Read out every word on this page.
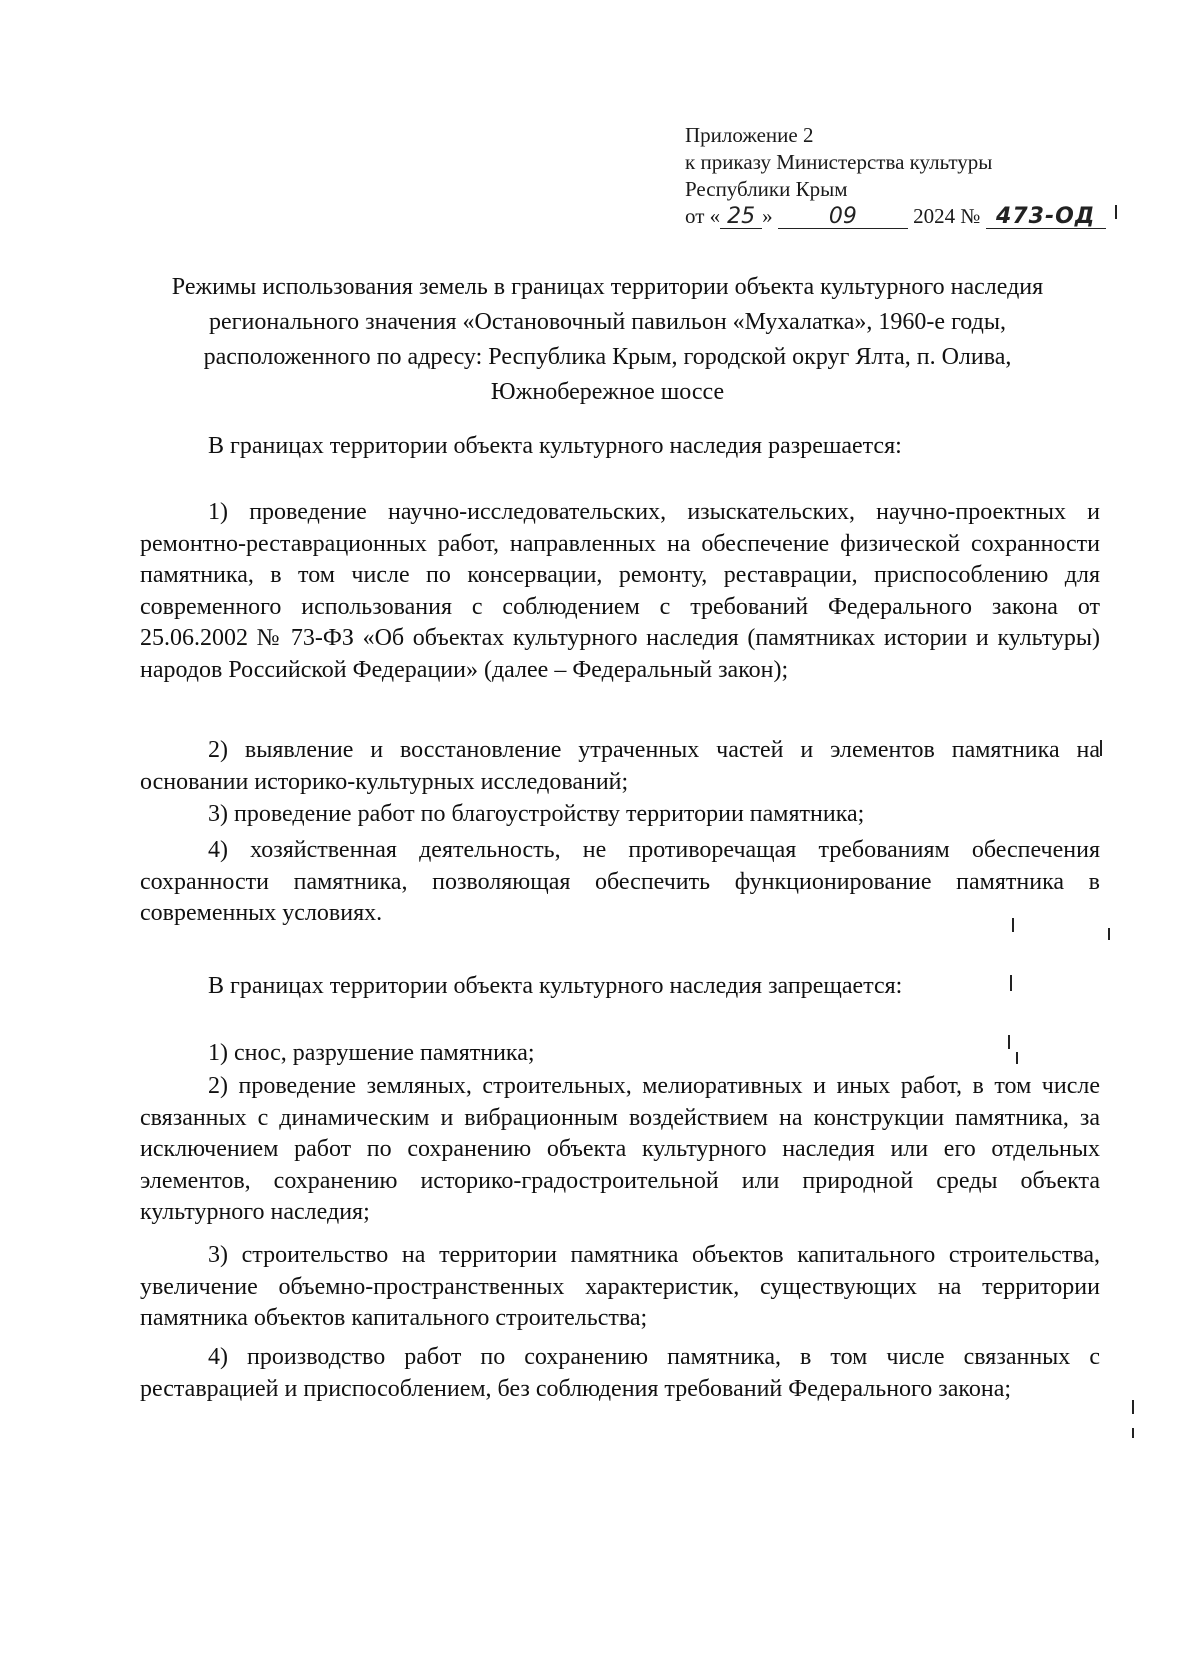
Приложение 2
к приказу Министерства культуры
Республики Крым
от « 25 »	09	2024 № 473-ОД

Режимы использования земель в границах территории объекта культурного наследия регионального значения «Остановочный павильон «Мухалатка», 1960-е годы, расположенного по адресу: Республика Крым, городской округ Ялта, п. Олива, Южнобережное шоссе

В границах территории объекта культурного наследия разрешается:

1) проведение научно-исследовательских, изыскательских, научно-проектных и ремонтно-реставрационных работ, направленных на обеспечение физической сохранности памятника, в том числе по консервации, ремонту, реставрации, приспособлению для современного использования с соблюдением с требований Федерального закона от 25.06.2002 № 73-ФЗ «Об объектах культурного наследия (памятниках истории и культуры) народов Российской Федерации» (далее – Федеральный закон);

2) выявление и восстановление утраченных частей и элементов памятника на основании историко-культурных исследований;

3) проведение работ по благоустройству территории памятника;

4) хозяйственная деятельность, не противоречащая требованиям обеспечения сохранности памятника, позволяющая обеспечить функционирование памятника в современных условиях.

В границах территории объекта культурного наследия запрещается:

1) снос, разрушение памятника;

2) проведение земляных, строительных, мелиоративных и иных работ, в том числе связанных с динамическим и вибрационным воздействием на конструкции памятника, за исключением работ по сохранению объекта культурного наследия или его отдельных элементов, сохранению историко-градостроительной или природной среды объекта культурного наследия;

3) строительство на территории памятника объектов капитального строительства, увеличение объемно-пространственных характеристик, существующих на территории памятника объектов капитального строительства;

4) производство работ по сохранению памятника, в том числе связанных с реставрацией и приспособлением, без соблюдения требований Федерального закона;
